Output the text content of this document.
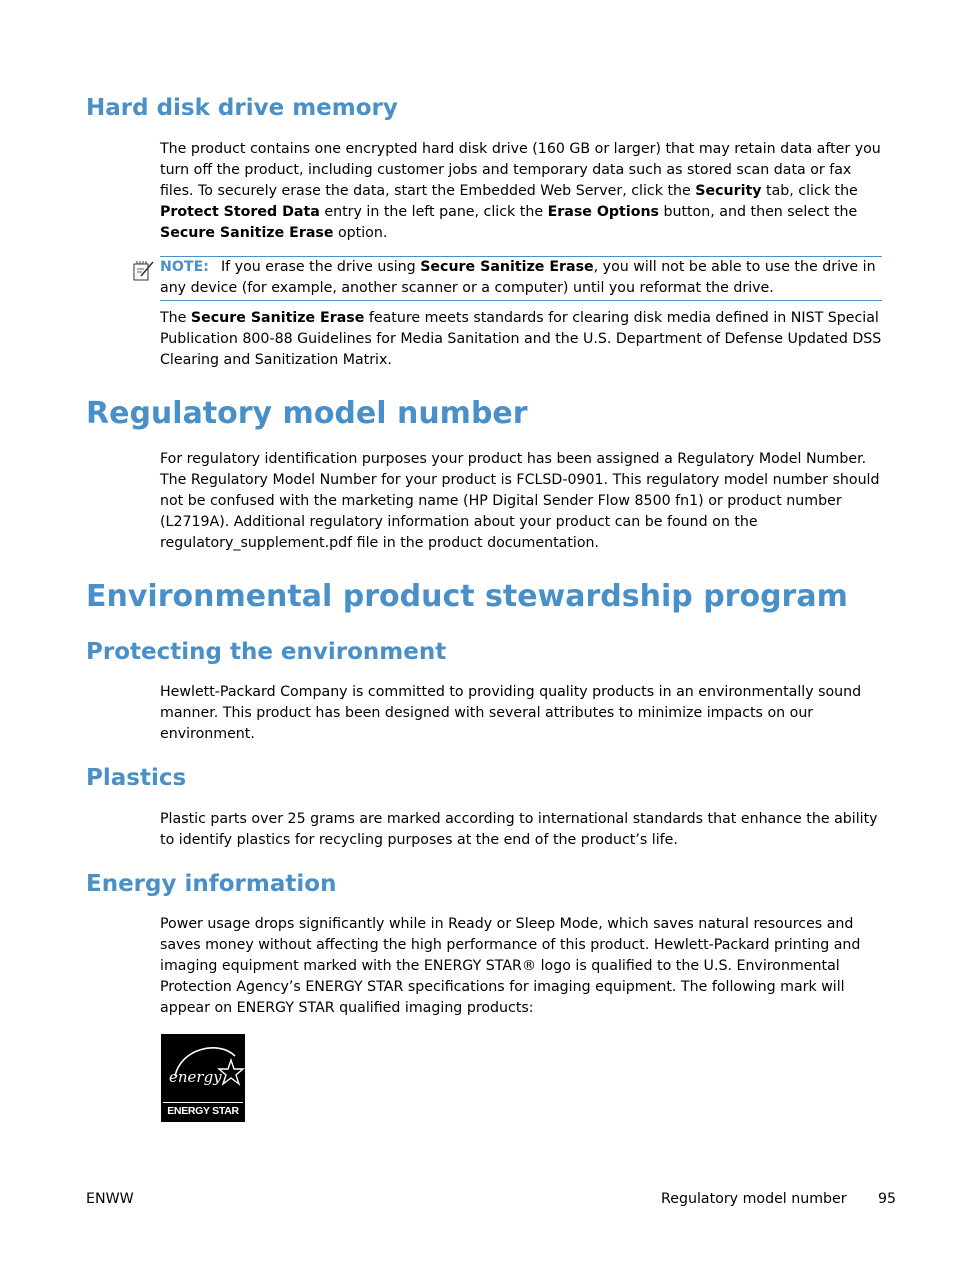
Hard disk drive memory

The product contains one encrypted hard disk drive (160 GB or larger) that may retain data after you turn off the product, including customer jobs and temporary data such as stored scan data or fax files. To securely erase the data, start the Embedded Web Server, click the Security tab, click the Protect Stored Data entry in the left pane, click the Erase Options button, and then select the Secure Sanitize Erase option.

NOTE: If you erase the drive using Secure Sanitize Erase, you will not be able to use the drive in any device (for example, another scanner or a computer) until you reformat the drive.

The Secure Sanitize Erase feature meets standards for clearing disk media defined in NIST Special Publication 800-88 Guidelines for Media Sanitation and the U.S. Department of Defense Updated DSS Clearing and Sanitization Matrix.

Regulatory model number

For regulatory identification purposes your product has been assigned a Regulatory Model Number. The Regulatory Model Number for your product is FCLSD-0901. This regulatory model number should not be confused with the marketing name (HP Digital Sender Flow 8500 fn1) or product number (L2719A). Additional regulatory information about your product can be found on the regulatory_supplement.pdf file in the product documentation.

Environmental product stewardship program
Protecting the environment

Hewlett-Packard Company is committed to providing quality products in an environmentally sound manner. This product has been designed with several attributes to minimize impacts on our environment.

Plastics

Plastic parts over 25 grams are marked according to international standards that enhance the ability to identify plastics for recycling purposes at the end of the product’s life.

Energy information

Power usage drops significantly while in Ready or Sleep Mode, which saves natural resources and saves money without affecting the high performance of this product. Hewlett-Packard printing and imaging equipment marked with the ENERGY STAR® logo is qualified to the U.S. Environmental Protection Agency’s ENERGY STAR specifications for imaging equipment. The following mark will appear on ENERGY STAR qualified imaging products:

energy
ENERGY STAR
ENWW	Regulatory model number 95
